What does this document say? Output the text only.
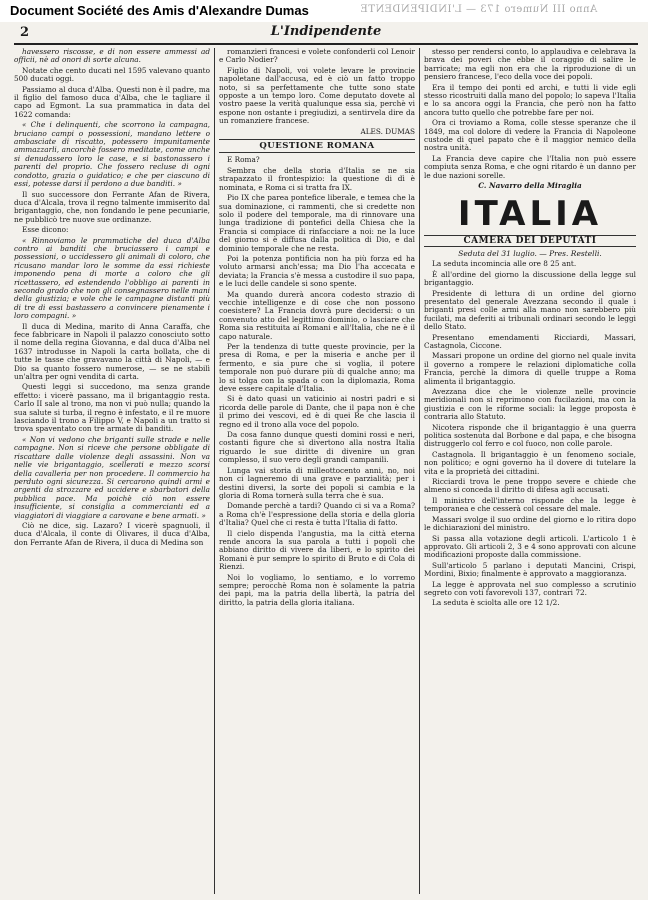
Document Société des Amis d'Alexandre Dumas	Anno III Numero 173 — L'INDIPENDENTE
2	L'Indipendente

havessero riscosse, e di non essere ammessi ad officii, nè ad onori di sorte alcuna.

Notate che cento ducati nel 1595 valevano quanto 500 ducati oggi.

Passiamo al duca d'Alba. Questi non è il padre, ma il figlio del famoso duca d'Alba, che le tagliare il capo ad Egmont. La sua prammatica in data del 1622 comanda:

« Che i delinquenti, che scorrono la campagna, bruciano campi o possessioni, mandano lettere o ambasciate di riscatto, potessero impunitamente ammazzarli, ancorchè fossero meditate, come anche si denudassero loro le case, e si bastonassero i parenti del proprio. Che fossero recluse di ogni condotto, grazia o guidatico; e che per ciascuno di essi, potesse darsi il perdono a due banditi. »

Il suo successore don Ferrante Afan de Rivera, duca d'Alcala, trova il regno talmente immiserito dal brigantaggio, che, non fondando le pene pecuniarie, ne pubblicò tre nuove sue ordinanze.

Esse dicono:

« Rinnoviamo le prammatiche del duca d'Alba contro ai banditi che bruciassero i campi e possessioni, o uccidessero gli animali di coloro, che ricusano mandar loro le somme da essi richieste imponendo pena di morte a coloro che gli ricettassero, ed estendendo l'obbligo ai parenti in secondo grado che non gli consegnassero nelle mani della giustizia; e vole che le campagne distanti più di tre di essi bastassero a convincere pienamente i loro compagni. »

Il duca di Medina, marito di Anna Caraffa, che fece fabbricare in Napoli il palazzo conosciuto sotto il nome della regina Giovanna, e dal duca d'Alba nel 1637 introdusse in Napoli la carta bollata, che di tutte le tasse che gravavano la città di Napoli, — e Dio sa quanto fossero numerose, — se ne stabilì un'altra per ogni vendita di carta.

Questi leggi si succedono, ma senza grande effetto: i vicerè passano, ma il brigantaggio resta. Carlo II sale al trono, ma non vi può nulla; quando la sua salute si turba, il regno è infestato, e il re muore lasciando il trono a Filippo V, e Napoli a un tratto si trova spaventato con tre armate di banditi.

« Non vi vedono che briganti sulle strade e nelle campagne. Non si riceve che persone obbligate di riscattare dalle violenze degli assassini. Non va nelle vie brigantaggio, scellerati e mezzo scorsi della cavalleria per non procedere. Il commercio ha perduto ogni sicurezza. Si cercarono quindi armi e argenti da strozzare ed uccidere e sbarbatori della pubblica pace. Ma poichè ciò non essere insufficiente, si consiglia a commercianti ed a viaggiatori di viaggiare a carovane e bene armati. »

Ciò ne dice, sig. Lazaro? I vicerè spagnuoli, il duca d'Alcala, il conte di Olivares, il duca d'Alba, don Ferrante Afan de Rivera, il duca di Medina son

romanzieri francesi e volete confonderli col Lenoir e Carlo Nodier?

Figlio di Napoli, voi volete levare le provincie napoletane dall'accusa, ed è ciò un fatto troppo noto, si sa perfettamente che tutte sono state opposte a un tempo loro. Come deputato dovete al vostro paese la verità qualunque essa sia, perchè vi espone non ostante i pregiudizi, a sentirvela dire da un romanziere francese.

ALES. DUMAS

QUESTIONE ROMANA

E Roma?

Sembra che della storia d'Italia se ne sia strapazzato il frontespizio: la questione di dì è nominata, e Roma ci si tratta fra IX.

Pio IX che parea pontefice liberale, e temea che la sua dominazione, ci rammenti, che si credette non solo il podere del temporale, ma di rinnovare una lunga tradizione di pontefici della Chiesa che la Francia si compiace di rinfacciare a noi: ne la luce del giorno si è diffusa dalla politica di Dio, e dal dominio temporale che ne resta.

Poi la potenza pontificia non ha più forza ed ha voluto armarsi anch'essa; ma Dio l'ha accecata e deviata; la Francia s'è messa a custodire il suo papa, e le luci delle candele si sono spente.

Ma quando durerà ancora codesto strazio di vecchie intelligenze e di cose che non possono coesistere? La Francia dovrà pure decidersi: o un convenuto atto del legittimo dominio, o lasciare che Roma sia restituita ai Romani e all'Italia, che ne è il capo naturale.

Per la tendenza di tutte queste provincie, per la presa di Roma, e per la miseria e anche per il fermento, e sia pure che si voglia, il potere temporale non può durare più di qualche anno; ma lo si tolga con la spada o con la diplomazia, Roma deve essere capitale d'Italia.

Si è dato quasi un vaticinio ai nostri padri e si ricorda delle parole di Dante, che il papa non è che il primo dei vescovi, ed è di quei Re che lascia il regno ed il trono alla voce del popolo.

Da cosa fanno dunque questi domini rossi e neri, costanti figure che si divertono alla nostra Italia riguardo le sue diritte di divenire un gran complesso, il suo vero degli grandi campanili.

Lunga vai storia di milleottocento anni, no, noi non ci lagneremo di una grave e parzialità; per i destini diversi, la sorte dei popoli si cambia e la gloria di Roma tornerà sulla terra che è sua.

Domande perchè a tardi? Quando ci si va a Roma? a Roma ch'è l'espressione della storia e della gloria d'Italia? Quel che ci resta è tutta l'Italia di fatto.

Il cielo dispenda l'angustia, ma la città eterna rende ancora la sua parola a tutti i popoli che abbiano diritto di vivere da liberi, e lo spirito dei Romani è pur sempre lo spirito di Bruto e di Cola di Rienzi.

Noi lo vogliamo, lo sentiamo, e lo vorremo sempre; perocchè Roma non è solamente la patria dei papi, ma la patria della libertà, la patria del diritto, la patria della gloria italiana.

stesso per rendersi conto, lo applaudiva e celebrava la brava dei poveri che ebbe il coraggio di salire le barricate; ma egli non era che la riproduzione di un pensiero francese, l'eco della voce dei popoli.

Era il tempo dei ponti ed archi, e tutti li vide egli stesso ricostruiti dalla mano del popolo; lo sapeva l'Italia e lo sa ancora oggi la Francia, che però non ha fatto ancora tutto quello che potrebbe fare per noi.

Ora ci troviamo a Roma, colle stesse speranze che il 1849, ma col dolore di vedere la Francia di Napoleone custode di quel papato che è il maggior nemico della nostra unità.

La Francia deve capire che l'Italia non può essere compiuta senza Roma, e che ogni ritardo è un danno per le due nazioni sorelle.

C. Navarro della Miraglia
ITALIA
CAMERA DEI DEPUTATI
Seduta del 31 luglio. — Pres. Restelli.

La seduta incomincia alle ore 8 25 ant.

È all'ordine del giorno la discussione della legge sul brigantaggio.

Presidente di lettura di un ordine del giorno presentato del generale Avezzana secondo il quale i briganti presi colle armi alla mano non sarebbero più fucilati, ma deferiti ai tribunali ordinari secondo le leggi dello Stato.

Presentano emendamenti Ricciardi, Massari, Castagnola, Ciccone.

Massari propone un ordine del giorno nel quale invita il governo a rompere le relazioni diplomatiche colla Francia, perchè la dimora di quelle truppe a Roma alimenta il brigantaggio.

Avezzana dice che le violenze nelle provincie meridionali non si reprimono con fucilazioni, ma con la giustizia e con le riforme sociali: la legge proposta è contraria allo Statuto.

Nicotera risponde che il brigantaggio è una guerra politica sostenuta dal Borbone e dal papa, e che bisogna distruggerlo col ferro e col fuoco, non colle parole.

Castagnola. Il brigantaggio è un fenomeno sociale, non politico; e ogni governo ha il dovere di tutelare la vita e la proprietà dei cittadini.

Ricciardi trova le pene troppo severe e chiede che almeno si conceda il diritto di difesa agli accusati.

Il ministro dell'interno risponde che la legge è temporanea e che cesserà col cessare del male.

Massari svolge il suo ordine del giorno e lo ritira dopo le dichiarazioni del ministro.

Si passa alla votazione degli articoli. L'articolo 1 è approvato. Gli articoli 2, 3 e 4 sono approvati con alcune modificazioni proposte dalla commissione.

Sull'articolo 5 parlano i deputati Mancini, Crispi, Mordini, Bixio; finalmente è approvato a maggioranza.

La legge è approvata nel suo complesso a scrutinio segreto con voti favorevoli 137, contrari 72.

La seduta è sciolta alle ore 12 1/2.
